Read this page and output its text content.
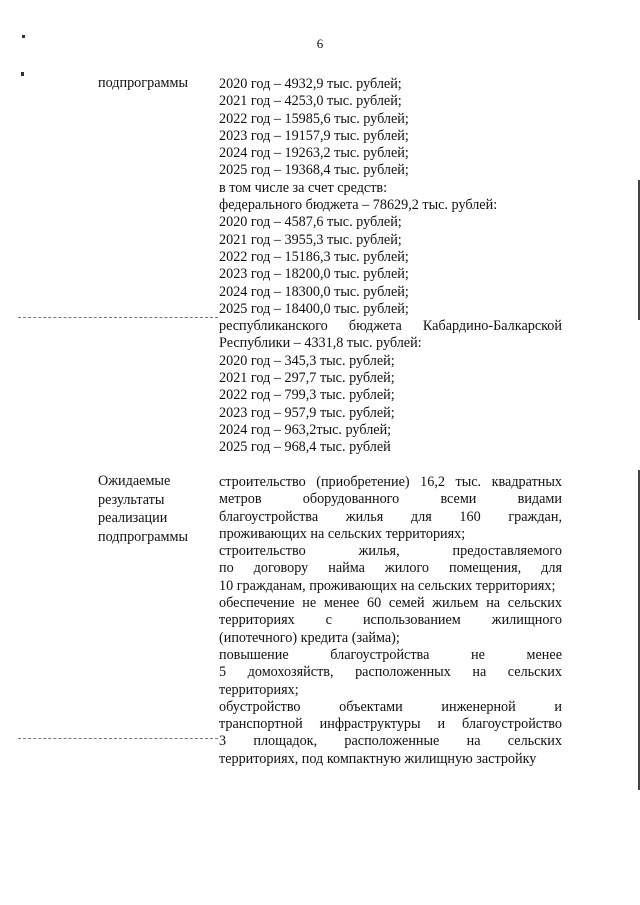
6
подпрограммы	2020 год – 4932,9 тыс. рублей;
2021 год – 4253,0 тыс. рублей;
2022 год – 15985,6 тыс. рублей;
2023 год – 19157,9 тыс. рублей;
2024 год – 19263,2 тыс. рублей;
2025 год – 19368,4 тыс. рублей;
в том числе за счет средств:
федерального бюджета – 78629,2 тыс. рублей:
2020 год – 4587,6 тыс. рублей;
2021 год – 3955,3 тыс. рублей;
2022 год – 15186,3 тыс. рублей;
2023 год – 18200,0 тыс. рублей;
2024 год – 18300,0 тыс. рублей;
2025 год – 18400,0 тыс. рублей;
республиканского бюджета Кабардино-Балкарской
Республики – 4331,8 тыс. рублей:
2020 год – 345,3 тыс. рублей;
2021 год – 297,7 тыс. рублей;
2022 год – 799,3 тыс. рублей;
2023 год – 957,9 тыс. рублей;
2024 год – 963,2тыс. рублей;
2025 год – 968,4 тыс. рублей
Ожидаемые
результаты
реализации
подпрограммы
строительство (приобретение) 16,2 тыс. квадратных
метров оборудованного всеми видами
благоустройства жилья для 160 граждан,
проживающих на сельских территориях;
строительство жилья, предоставляемого
по договору найма жилого помещения, для
10 гражданам, проживающих на сельских территориях;
обеспечение не менее 60 семей жильем на сельских
территориях с использованием жилищного
(ипотечного) кредита (займа);
повышение благоустройства не менее
5 домохозяйств, расположенных на сельских
территориях;
обустройство объектами инженерной и
транспортной инфраструктуры и благоустройство
3 площадок, расположенные на сельских
территориях, под компактную жилищную застройку
